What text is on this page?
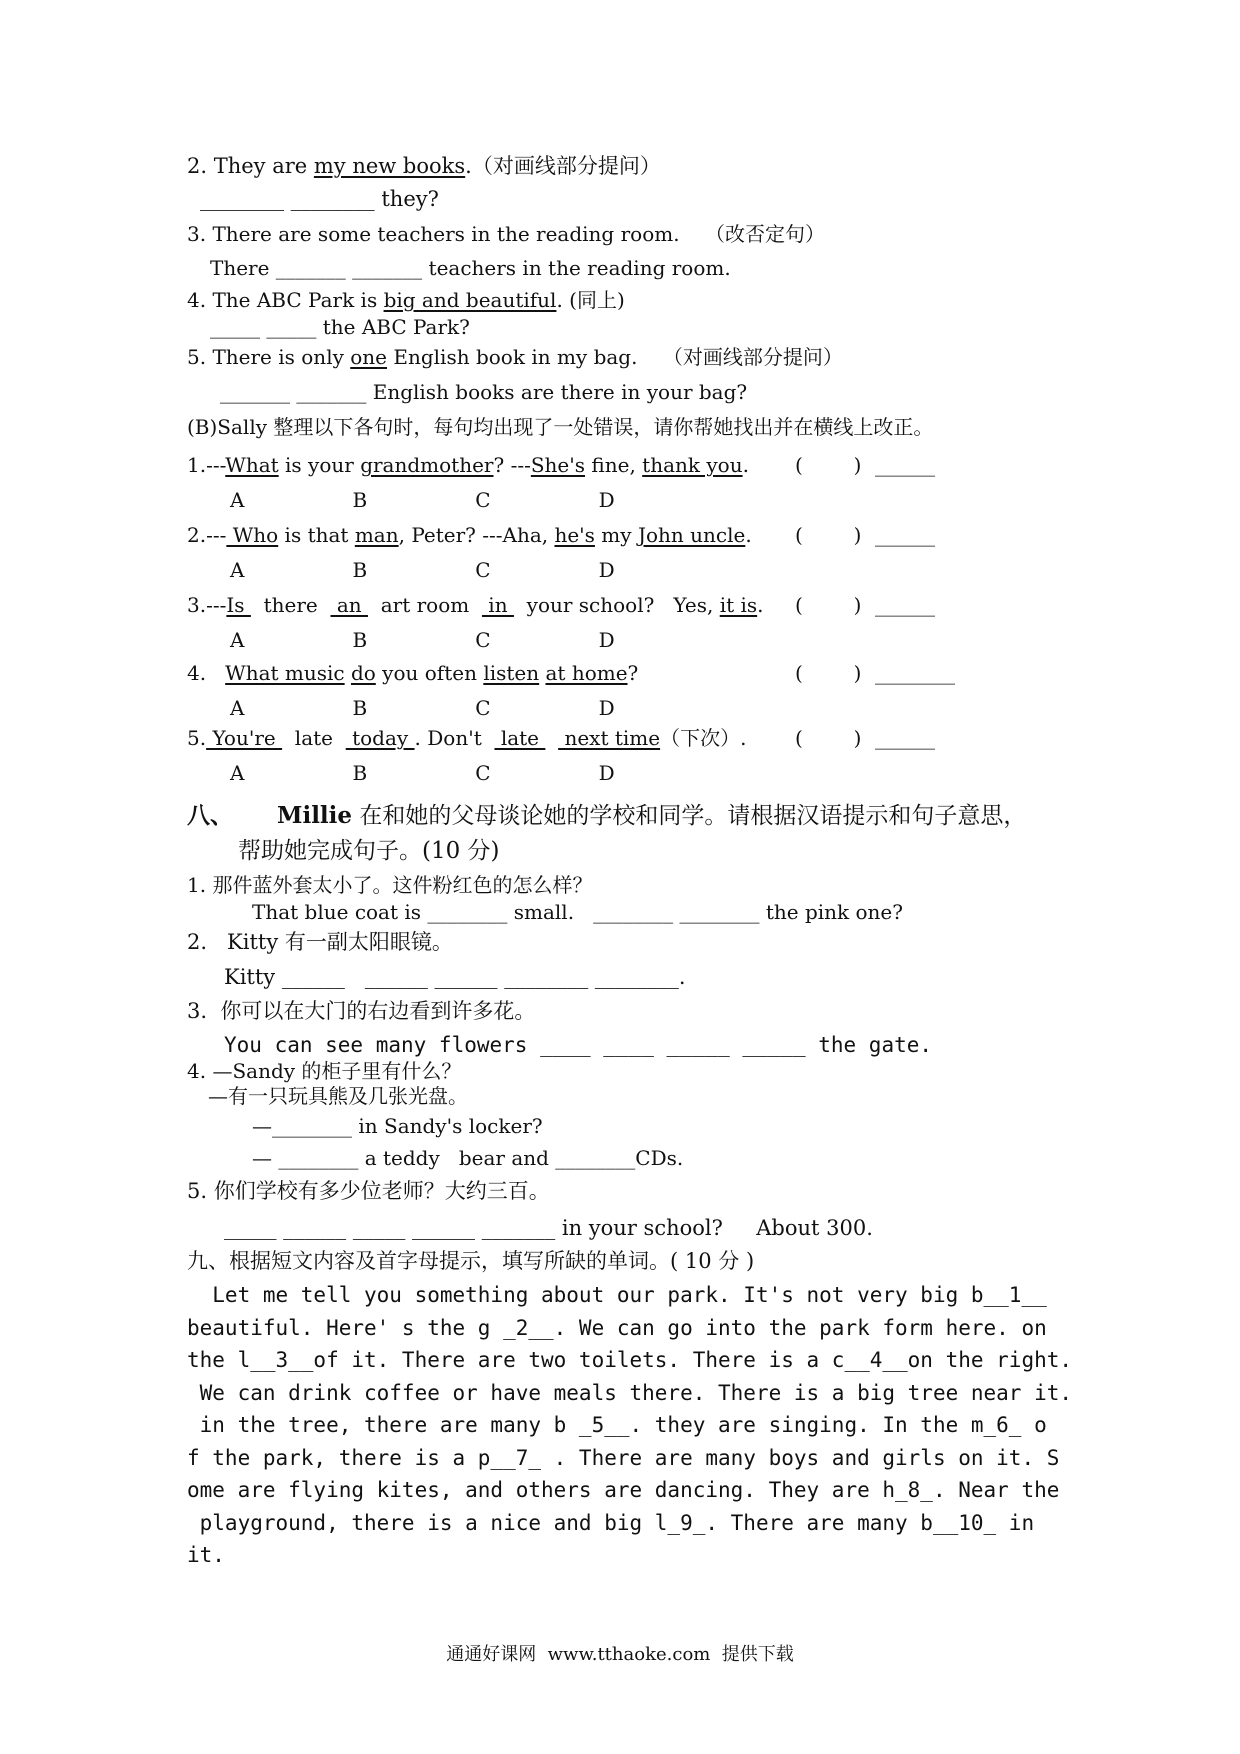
2. They are my new books.（对画线部分提问）
________ ________ they?
3. There are some teachers in the reading room.    （改否定句）
There _______ _______ teachers in the reading room.
4. The ABC Park is big and beautiful. (同上)
_____ _____ the ABC Park?
5. There is only one English book in my bag.    （对画线部分提问）
_______ _______ English books are there in your bag?
(B)Sally 整理以下各句时，每句均出现了一处错误，请你帮她找出并在横线上改正。
1.---What is your grandmother? ---She's fine, thank you. (        ) ______
A                 B                 C                 D
2.--- Who is that man, Peter? ---Aha, he's my John uncle. (        ) ______
A                 B                 C                 D
3.---Is   there   an   art room   in   your school?   Yes, it is. (        ) ______
A                 B                 C                 D
4.   What music do you often listen at home?	(        ) ________
A                 B                 C                 D
5. You're   late   today . Don't   late    next time（下次）. (        ) ______
A                 B                 C                 D
八、 Millie 在和她的父母谈论她的学校和同学。请根据汉语提示和句子意思，
帮助她完成句子。(10 分)
1. 那件蓝外套太小了。这件粉红色的怎么样？
That blue coat is ________ small.   ________ ________ the pink one?
2.   Kitty 有一副太阳眼镜。
Kitty ______   ______ ______ ________ ________.
3.  你可以在大门的右边看到许多花。
You can see many flowers ____ ____ _____ _____ the gate.
4. —Sandy 的柜子里有什么？
—有一只玩具熊及几张光盘。
—________ in Sandy's locker?
— ________ a teddy   bear and ________CDs.
5. 你们学校有多少位老师？大约三百。
_____ ______ _____ ______ _______ in your school?     About 300.
九、根据短文内容及首字母提示，填写所缺的单词。( 10 分 )
Let me tell you something about our park. It's not very big b__1__
beautiful. Here' s the g _2__. We can go into the park form here. on
the l__3__of it. There are two toilets. There is a c__4__on the right.
We can drink coffee or have meals there. There is a big tree near it.
in the tree, there are many b _5__. they are singing. In the m_6_ o
f the park, there is a p__7_ . There are many boys and girls on it. S
ome are flying kites, and others are dancing. They are h_8_. Near the
playground, there is a nice and big l_9_. There are many b__10_ in
it.
通通好课网  www.tthaoke.com  提供下载
